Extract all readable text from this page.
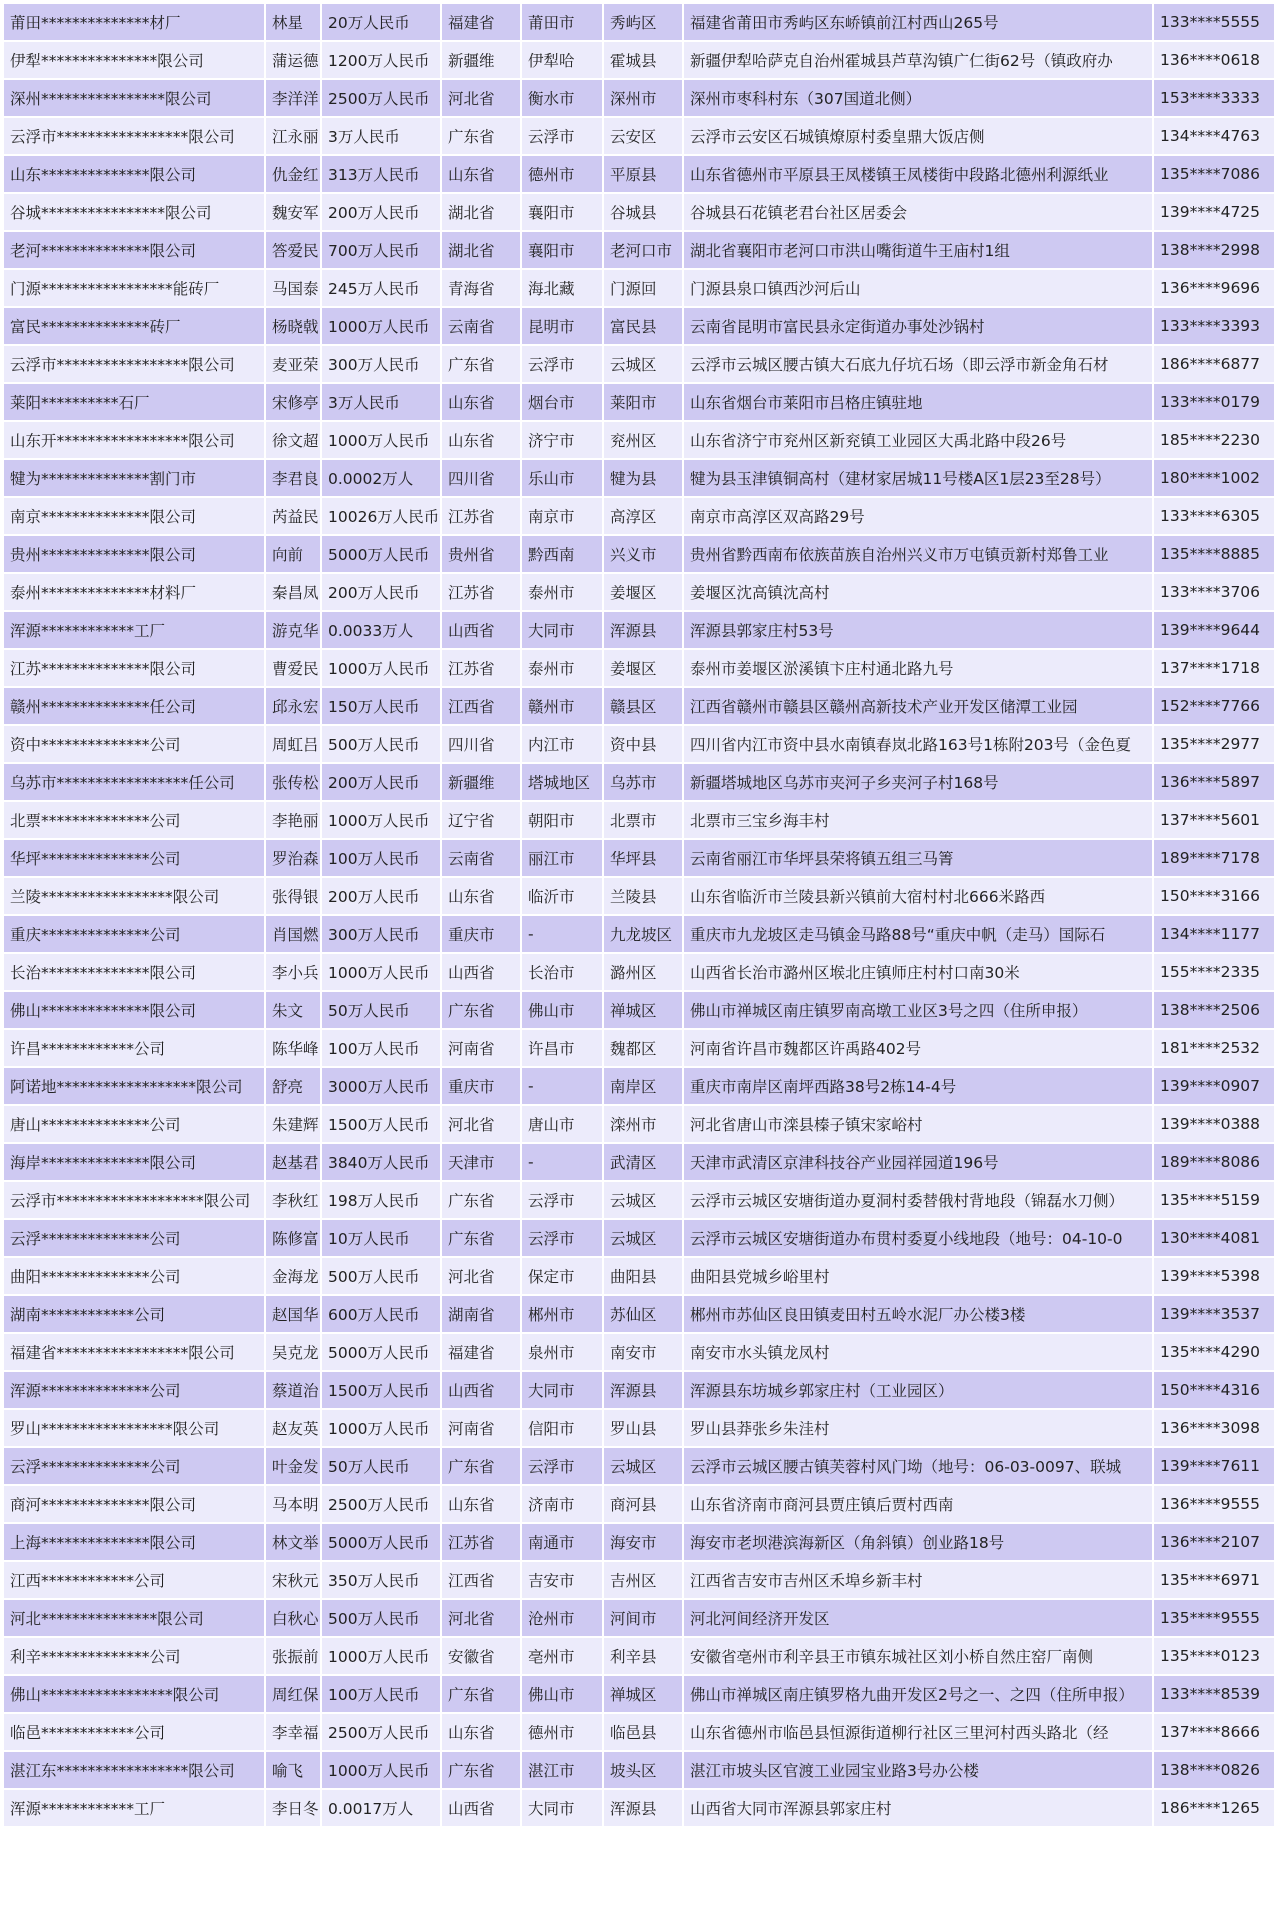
莆田**************材厂	林星	20万人民币	福建省	莆田市	秀屿区	福建省莆田市秀屿区东峤镇前江村西山265号	133****5555
伊犁***************限公司	蒲运德	1200万人民币	新疆维	伊犁哈	霍城县	新疆伊犁哈萨克自治州霍城县芦草沟镇广仁街62号（镇政府办	136****0618
深州****************限公司	李洋洋	2500万人民币	河北省	衡水市	深州市	深州市枣科村东（307国道北侧）	153****3333
云浮市*****************限公司	江永丽	3万人民币	广东省	云浮市	云安区	云浮市云安区石城镇燎原村委皇鼎大饭店侧	134****4763
山东**************限公司	仇金红	313万人民币	山东省	德州市	平原县	山东省德州市平原县王凤楼镇王凤楼街中段路北德州利源纸业	135****7086
谷城****************限公司	魏安军	200万人民币	湖北省	襄阳市	谷城县	谷城县石花镇老君台社区居委会	139****4725
老河**************限公司	答爱民	700万人民币	湖北省	襄阳市	老河口市	湖北省襄阳市老河口市洪山嘴街道牛王庙村1组	138****2998
门源*****************能砖厂	马国泰	245万人民币	青海省	海北藏	门源回	门源县泉口镇西沙河后山	136****9696
富民**************砖厂	杨晓戟	1000万人民币	云南省	昆明市	富民县	云南省昆明市富民县永定街道办事处沙锅村	133****3393
云浮市*****************限公司	麦亚荣	300万人民币	广东省	云浮市	云城区	云浮市云城区腰古镇大石底九仔坑石场（即云浮市新金角石材	186****6877
莱阳**********石厂	宋修亭	3万人民币	山东省	烟台市	莱阳市	山东省烟台市莱阳市吕格庄镇驻地	133****0179
山东开*****************限公司	徐文超	1000万人民币	山东省	济宁市	兖州区	山东省济宁市兖州区新兖镇工业园区大禹北路中段26号	185****2230
犍为**************割门市	李君良	0.0002万人	四川省	乐山市	犍为县	犍为县玉津镇铜高村（建材家居城11号楼A区1层23至28号）	180****1002
南京**************限公司	芮益民	10026万人民币	江苏省	南京市	高淳区	南京市高淳区双高路29号	133****6305
贵州**************限公司	向前	5000万人民币	贵州省	黔西南	兴义市	贵州省黔西南布依族苗族自治州兴义市万屯镇贡新村郑鲁工业	135****8885
泰州**************材料厂	秦昌凤	200万人民币	江苏省	泰州市	姜堰区	姜堰区沈高镇沈高村	133****3706
浑源************工厂	游克华	0.0033万人	山西省	大同市	浑源县	浑源县郭家庄村53号	139****9644
江苏**************限公司	曹爱民	1000万人民币	江苏省	泰州市	姜堰区	泰州市姜堰区淤溪镇卞庄村通北路九号	137****1718
赣州**************任公司	邱永宏	150万人民币	江西省	赣州市	赣县区	江西省赣州市赣县区赣州高新技术产业开发区储潭工业园	152****7766
资中**************公司	周虹吕	500万人民币	四川省	内江市	资中县	四川省内江市资中县水南镇春岚北路163号1栋附203号（金色夏	135****2977
乌苏市*****************任公司	张传松	200万人民币	新疆维	塔城地区	乌苏市	新疆塔城地区乌苏市夹河子乡夹河子村168号	136****5897
北票**************公司	李艳丽	1000万人民币	辽宁省	朝阳市	北票市	北票市三宝乡海丰村	137****5601
华坪**************公司	罗治森	100万人民币	云南省	丽江市	华坪县	云南省丽江市华坪县荣将镇五组三马箐	189****7178
兰陵*****************限公司	张得银	200万人民币	山东省	临沂市	兰陵县	山东省临沂市兰陵县新兴镇前大宿村村北666米路西	150****3166
重庆**************公司	肖国燃	300万人民币	重庆市	-	九龙坡区	重庆市九龙坡区走马镇金马路88号“重庆中帆（走马）国际石	134****1177
长治**************限公司	李小兵	1000万人民币	山西省	长治市	潞州区	山西省长治市潞州区堠北庄镇师庄村村口南30米	155****2335
佛山**************限公司	朱文	50万人民币	广东省	佛山市	禅城区	佛山市禅城区南庄镇罗南高墩工业区3号之四（住所申报）	138****2506
许昌************公司	陈华峰	100万人民币	河南省	许昌市	魏都区	河南省许昌市魏都区许禹路402号	181****2532
阿诺地******************限公司	舒亮	3000万人民币	重庆市	-	南岸区	重庆市南岸区南坪西路38号2栋14-4号	139****0907
唐山**************公司	朱建辉	1500万人民币	河北省	唐山市	滦州市	河北省唐山市滦县榛子镇宋家峪村	139****0388
海岸**************限公司	赵基君	3840万人民币	天津市	-	武清区	天津市武清区京津科技谷产业园祥园道196号	189****8086
云浮市*******************限公司	李秋红	198万人民币	广东省	云浮市	云城区	云浮市云城区安塘街道办夏洞村委替俄村背地段（锦磊水刀侧）	135****5159
云浮**************公司	陈修富	10万人民币	广东省	云浮市	云城区	云浮市云城区安塘街道办布贯村委夏小线地段（地号：04-10-0	130****4081
曲阳**************公司	金海龙	500万人民币	河北省	保定市	曲阳县	曲阳县党城乡峪里村	139****5398
湖南************公司	赵国华	600万人民币	湖南省	郴州市	苏仙区	郴州市苏仙区良田镇麦田村五岭水泥厂办公楼3楼	139****3537
福建省*****************限公司	吴克龙	5000万人民币	福建省	泉州市	南安市	南安市水头镇龙凤村	135****4290
浑源**************公司	蔡道治	1500万人民币	山西省	大同市	浑源县	浑源县东坊城乡郭家庄村（工业园区）	150****4316
罗山*****************限公司	赵友英	1000万人民币	河南省	信阳市	罗山县	罗山县莽张乡朱洼村	136****3098
云浮**************公司	叶金发	50万人民币	广东省	云浮市	云城区	云浮市云城区腰古镇芙蓉村风门坳（地号：06-03-0097、联城	139****7611
商河**************限公司	马本明	2500万人民币	山东省	济南市	商河县	山东省济南市商河县贾庄镇后贾村西南	136****9555
上海**************限公司	林文举	5000万人民币	江苏省	南通市	海安市	海安市老坝港滨海新区（角斜镇）创业路18号	136****2107
江西************公司	宋秋元	350万人民币	江西省	吉安市	吉州区	江西省吉安市吉州区禾埠乡新丰村	135****6971
河北***************限公司	白秋心	500万人民币	河北省	沧州市	河间市	河北河间经济开发区	135****9555
利辛**************公司	张振前	1000万人民币	安徽省	亳州市	利辛县	安徽省亳州市利辛县王市镇东城社区刘小桥自然庄窑厂南侧	135****0123
佛山*****************限公司	周红保	100万人民币	广东省	佛山市	禅城区	佛山市禅城区南庄镇罗格九曲开发区2号之一、之四（住所申报）	133****8539
临邑************公司	李幸福	2500万人民币	山东省	德州市	临邑县	山东省德州市临邑县恒源街道柳行社区三里河村西头路北（经	137****8666
湛江东*****************限公司	喻飞	1000万人民币	广东省	湛江市	坡头区	湛江市坡头区官渡工业园宝业路3号办公楼	138****0826
浑源************工厂	李日冬	0.0017万人	山西省	大同市	浑源县	山西省大同市浑源县郭家庄村	186****1265
